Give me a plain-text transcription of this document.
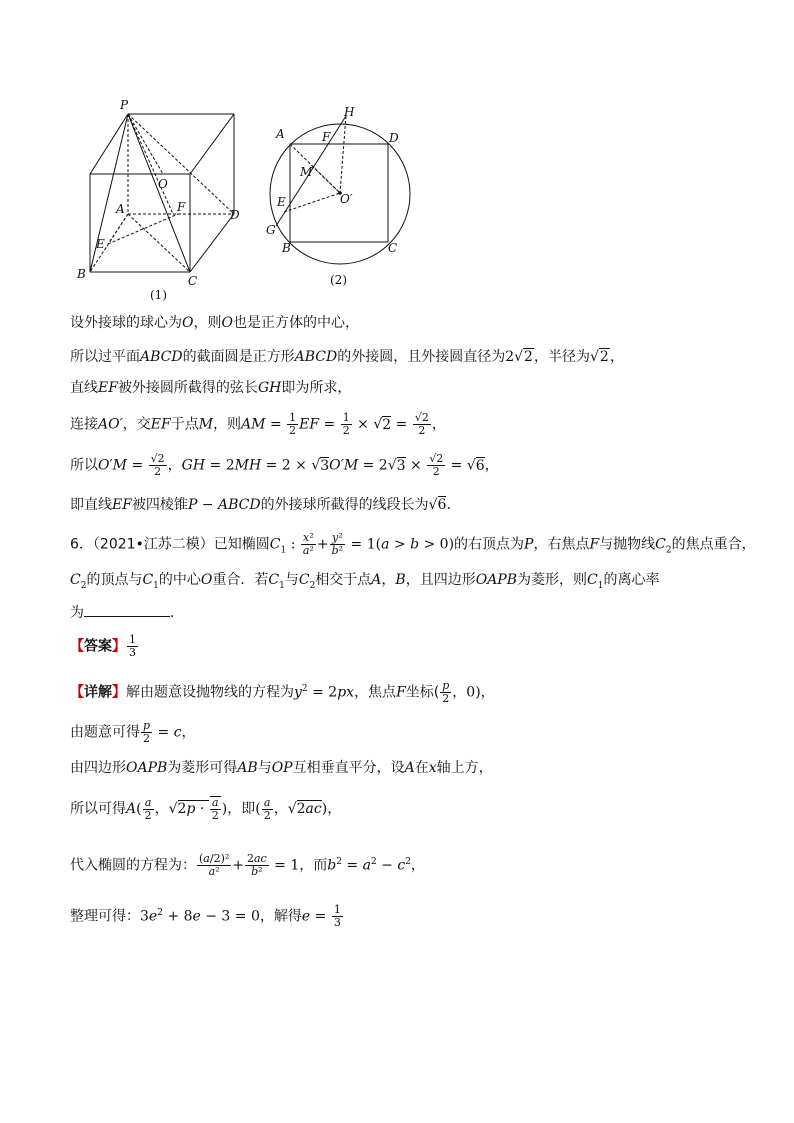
P
O
A	F
D
E
B	C
(1)
A	F
H
D
M
O′
E
G
B	C
(2)
设外接球的球心为O，则O也是正方体的中心，
所以过平面ABCD的截面圆是正方形ABCD的外接圆，且外接圆直径为2√2，半径为√2，
直线EF被外接圆所截得的弦长GH即为所求，
连接AO′，交EF于点M，则AM = $\frac{1}{2}$ EF = $\frac{1}{2} \times √2 = \frac{√2}{2}$ ，
所以$O'M = \frac{√2}{2}$ ，GH = $2MH = 2 \times √3O'M = 2√3 \times \frac{√2}{2} = √6$，
即直线EF被四棱锥P − ABCD的外接球所截得的线段长为√6．
6．（2021•江苏二模）已知椭圆$C_1$ : $\frac{\text{x²}}{\text{a²}} + \frac{\text{y²}}{\text{b²}} = 1(a > b > 0)$的右顶点为P，右焦点F与抛物线$C_2$的焦点重合，
$C_2$的顶点与$C_1$的中心O重合．若$C_1$与$C_2$相交于点A，B，且四边形OAPB为菱形，则$C_1$的离心率
为	．
【答案】 $\frac{1}{3}$
【详解】解由题意设抛物线的方程为$y^2 = 2px$，焦点F坐标( $\frac{p}{2}$ ，0)，
由题意可得 $\frac{p}{2} = c$，
由四边形OAPB为菱形可得AB与OP互相垂直平分，设A在x轴上方，
所以可得$A( \frac{a}{2}$ ，$√2p \cdot \frac{a}{2}$ )，即( $\frac{a}{2}$ ，√2ac)，
代入椭圆的方程为： $\frac{\text{(a/2)²}}{\text{a²}} + \frac{2ac}{\text{b²}} = 1$，而$b^2 = a^2 - c^2$，
整理可得：$3e^2 + 8e - 3 = 0$，解得$e = \frac{1}{3}$
